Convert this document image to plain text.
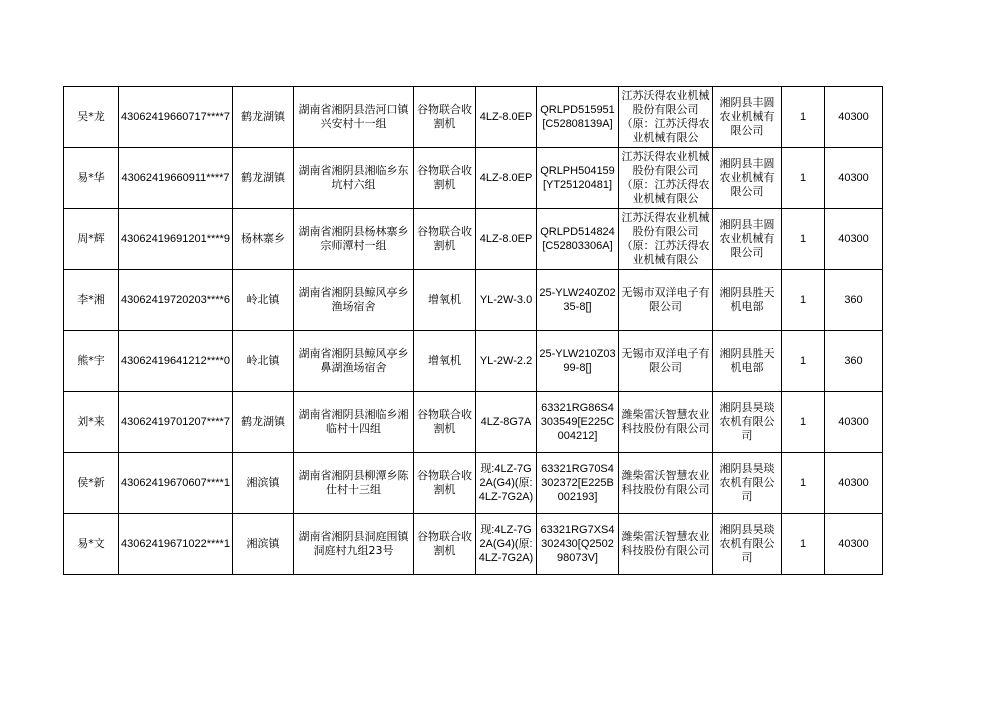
吴*龙	43062419660717****7	鹤龙湖镇	湖南省湘阴县浩河口镇兴安村十一组	谷物联合收割机	4LZ-8.0EP	QRLPD515951[C52808139A]	江苏沃得农业机械股份有限公司（原：江苏沃得农业机械有限公	湘阴县丰圆农业机械有限公司	1	40300
易*华	43062419660911****7	鹤龙湖镇	湖南省湘阴县湘临乡东坑村六组	谷物联合收割机	4LZ-8.0EP	QRLPH504159[YT25120481]	江苏沃得农业机械股份有限公司（原：江苏沃得农业机械有限公	湘阴县丰圆农业机械有限公司	1	40300
周*辉	43062419691201****9	杨林寨乡	湖南省湘阴县杨林寨乡宗师潭村一组	谷物联合收割机	4LZ-8.0EP	QRLPD514824[C52803306A]	江苏沃得农业机械股份有限公司（原：江苏沃得农业机械有限公	湘阴县丰圆农业机械有限公司	1	40300
李*湘	43062419720203****6	岭北镇	湖南省湘阴县鲸风亭乡渔场宿舍	增氧机	YL-2W-3.0	25-YLW240Z0235-8[]	无锡市双洋电子有限公司	湘阴县胜天机电部	1	360
熊*宇	43062419641212****0	岭北镇	湖南省湘阴县鲸风亭乡鼻湖渔场宿舍	增氧机	YL-2W-2.2	25-YLW210Z0399-8[]	无锡市双洋电子有限公司	湘阴县胜天机电部	1	360
刘*来	43062419701207****7	鹤龙湖镇	湖南省湘阴县湘临乡湘临村十四组	谷物联合收割机	4LZ-8G7A	63321RG86S4303549[E225C004212]	潍柴雷沃智慧农业科技股份有限公司	湘阴县昊琰农机有限公司	1	40300
侯*新	43062419670607****1	湘滨镇	湖南省湘阴县柳潭乡陈仕村十三组	谷物联合收割机	现:4LZ-7G2A(G4)(原:4LZ-7G2A)	63321RG70S4302372[E225B002193]	潍柴雷沃智慧农业科技股份有限公司	湘阴县昊琰农机有限公司	1	40300
易*文	43062419671022****1	湘滨镇	湖南省湘阴县洞庭围镇洞庭村九组23号	谷物联合收割机	现:4LZ-7G2A(G4)(原:4LZ-7G2A)	63321RG7XS4302430[Q250298073V]	潍柴雷沃智慧农业科技股份有限公司	湘阴县昊琰农机有限公司	1	40300
